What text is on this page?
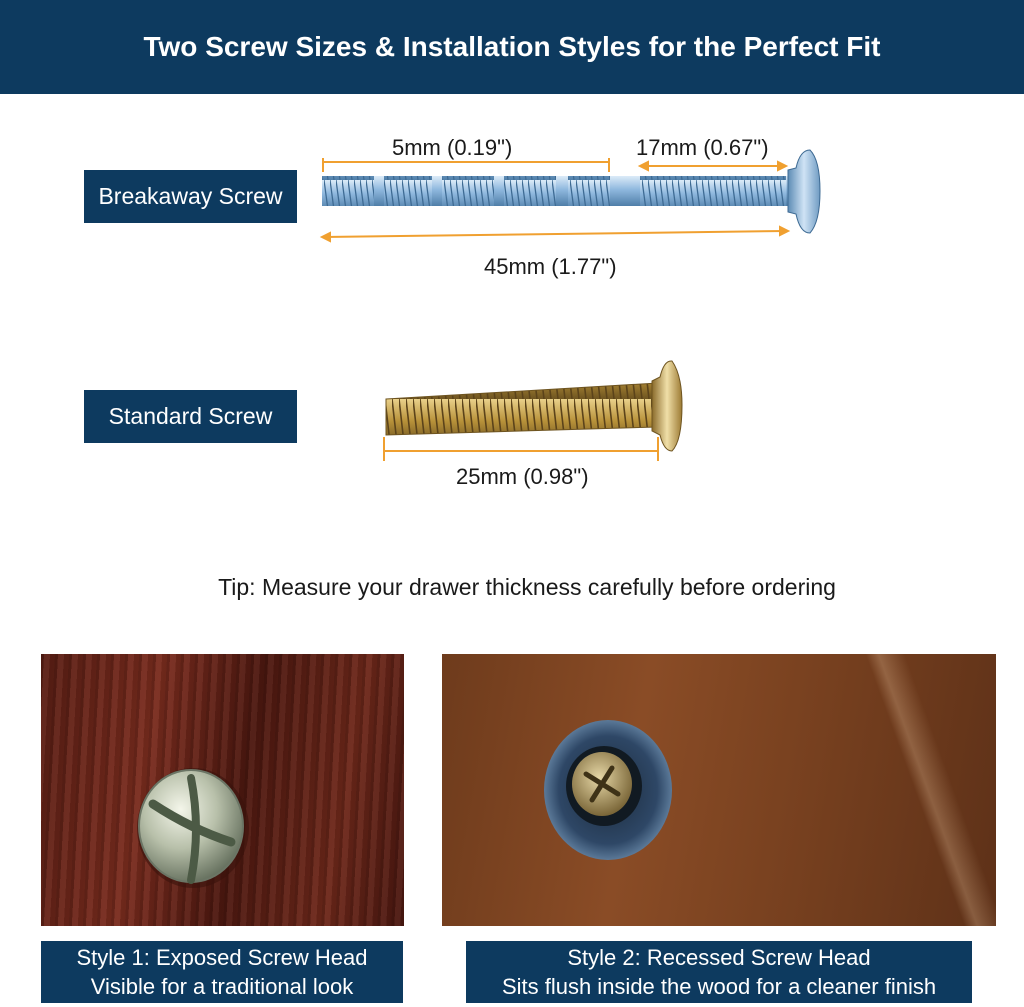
Two Screw Sizes & Installation Styles for the Perfect Fit
Breakaway Screw
5mm (0.19")	17mm (0.67")
45mm (1.77")
Standard Screw
25mm (0.98")
Tip: Measure your drawer thickness carefully before ordering
Style 1: Exposed Screw Head
Visible for a traditional look
Style 2: Recessed Screw Head
Sits flush inside the wood for a cleaner finish
